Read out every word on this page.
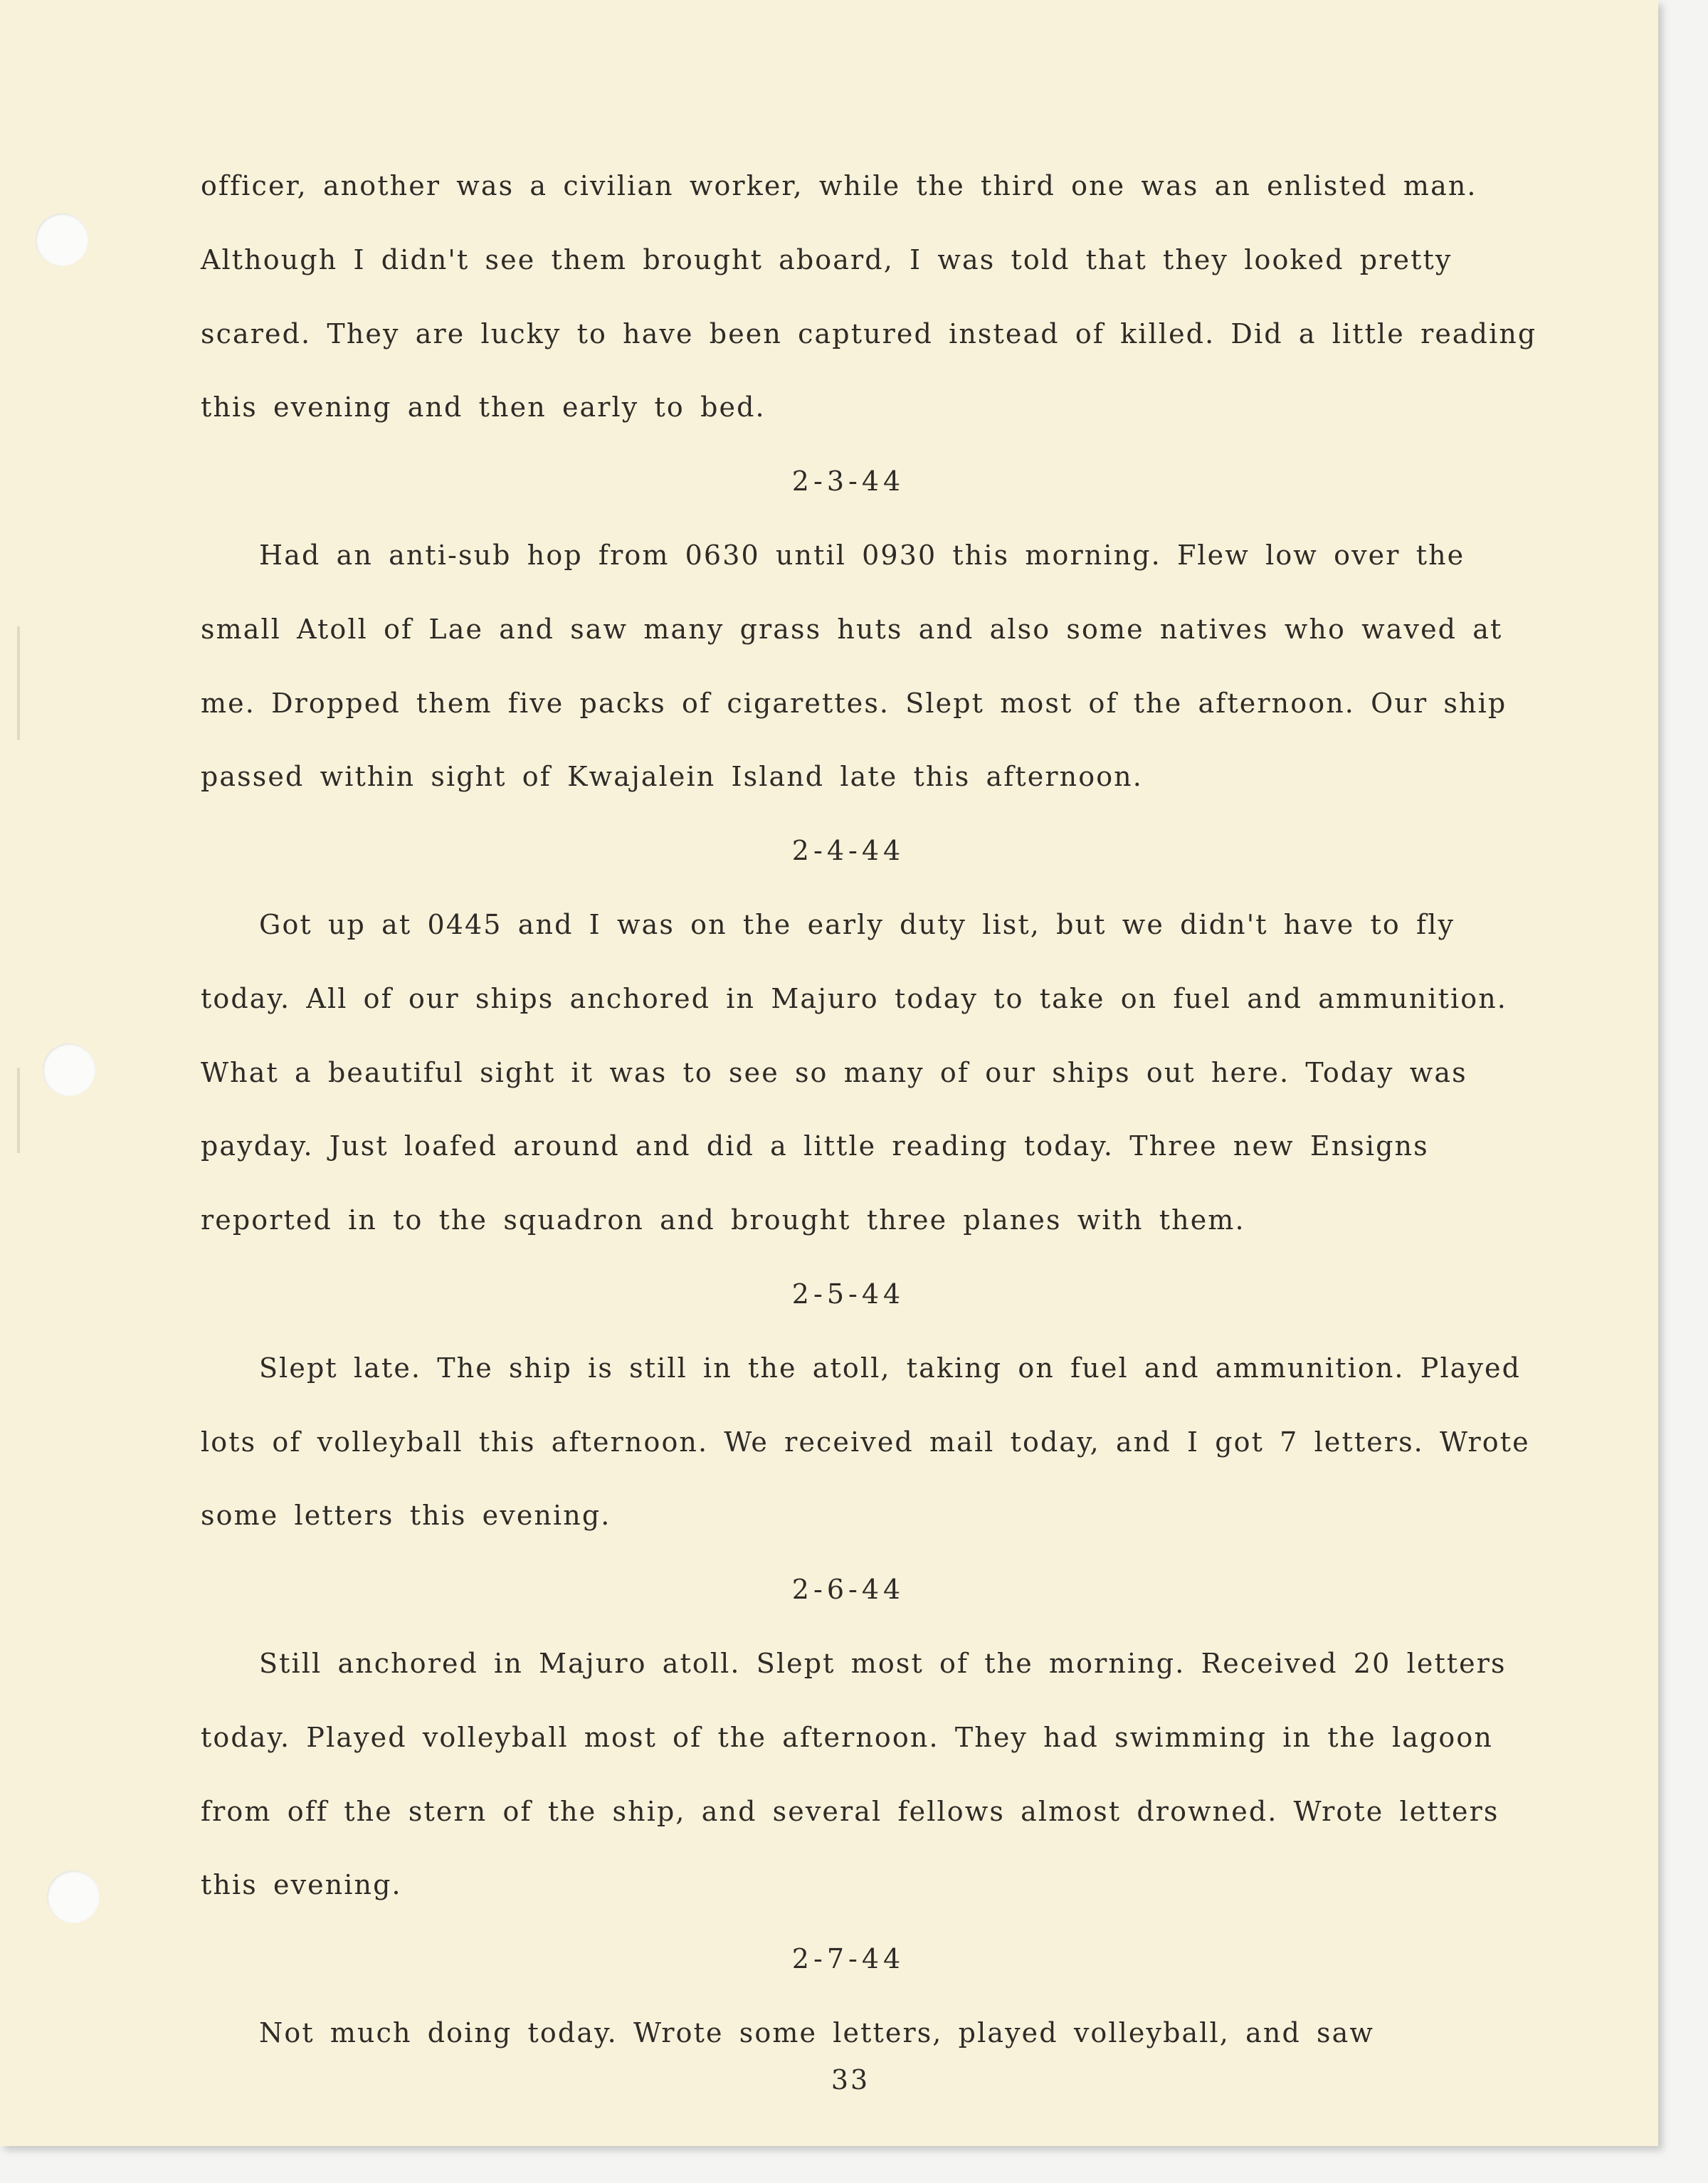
officer, another was a civilian worker, while the third one was an enlisted man. Although I didn't see them brought aboard, I was told that they looked pretty scared. They are lucky to have been captured instead of killed. Did a little reading this evening and then early to bed.

2-3-44

Had an anti-sub hop from 0630 until 0930 this morning. Flew low over the small Atoll of Lae and saw many grass huts and also some natives who waved at me. Dropped them five packs of cigarettes. Slept most of the afternoon. Our ship passed within sight of Kwajalein Island late this afternoon.

2-4-44

Got up at 0445 and I was on the early duty list, but we didn't have to fly today. All of our ships anchored in Majuro today to take on fuel and ammunition. What a beautiful sight it was to see so many of our ships out here. Today was payday. Just loafed around and did a little reading today. Three new Ensigns reported in to the squadron and brought three planes with them.

2-5-44

Slept late. The ship is still in the atoll, taking on fuel and ammunition. Played lots of volleyball this afternoon. We received mail today, and I got 7 letters. Wrote some letters this evening.

2-6-44

Still anchored in Majuro atoll. Slept most of the morning. Received 20 letters today. Played volleyball most of the afternoon. They had swimming in the lagoon from off the stern of the ship, and several fellows almost drowned. Wrote letters this evening.

2-7-44

Not much doing today. Wrote some letters, played volleyball, and saw

33
